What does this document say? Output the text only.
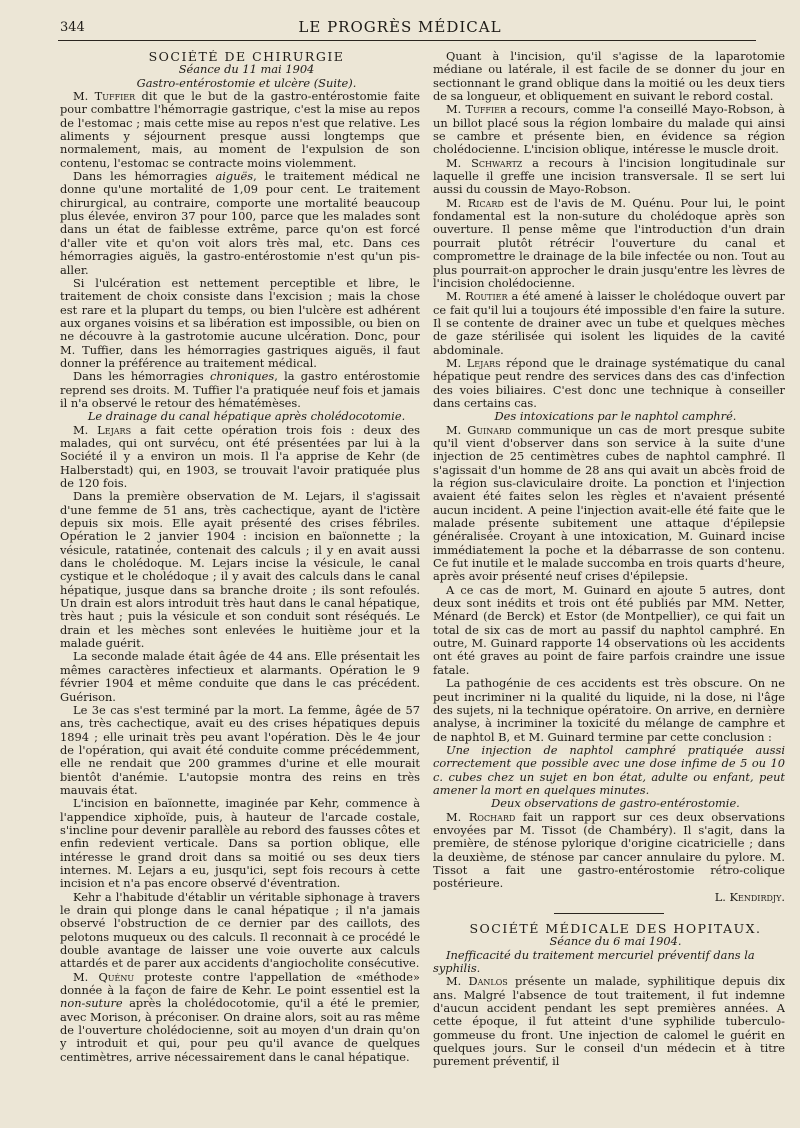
344	LE PROGRÈS MÉDICAL

SOCIÉTÉ DE CHIRURGIE

Séance du 11 mai 1904

Gastro-entérostomie et ulcère (Suite).

M. Tuffier dit que le but de la gastro-entérostomie faite pour combattre l'hémorragie gastrique, c'est la mise au repos de l'estomac ; mais cette mise au repos n'est que relative. Les aliments y séjournent presque aussi longtemps que normalement, mais, au moment de l'expulsion de son contenu, l'estomac se contracte moins violemment.

Dans les hémorragies aiguës, le traitement médical ne donne qu'une mortalité de 1,09 pour cent. Le traitement chirurgical, au contraire, comporte une mortalité beaucoup plus élevée, environ 37 pour 100, parce que les malades sont dans un état de faiblesse extrême, parce qu'on est forcé d'aller vite et qu'on voit alors très mal, etc. Dans ces hémorragies aiguës, la gastro-entérostomie n'est qu'un pis-aller.

Si l'ulcération est nettement perceptible et libre, le traitement de choix consiste dans l'excision ; mais la chose est rare et la plupart du temps, ou bien l'ulcère est adhérent aux organes voisins et sa libération est impossible, ou bien on ne découvre à la gastrotomie aucune ulcération. Donc, pour M. Tuffier, dans les hémorragies gastriques aiguës, il faut donner la préférence au traitement médical.

Dans les hémorragies chroniques, la gastro entérostomie reprend ses droits. M. Tuffier l'a pratiquée neuf fois et jamais il n'a observé le retour des hématémèses.

Le drainage du canal hépatique après cholédocotomie.

M. Lejars a fait cette opération trois fois : deux des malades, qui ont survécu, ont été présentées par lui à la Société il y a environ un mois. Il l'a apprise de Kehr (de Halberstadt) qui, en 1903, se trouvait l'avoir pratiquée plus de 120 fois.

Dans la première observation de M. Lejars, il s'agissait d'une femme de 51 ans, très cachectique, ayant de l'ictère depuis six mois. Elle ayait présenté des crises fébriles. Opération le 2 janvier 1904 : incision en baïonnette ; la vésicule, ratatinée, contenait des calculs ; il y en avait aussi dans le cholédoque. M. Lejars incise la vésicule, le canal cystique et le cholédoque ; il y avait des calculs dans le canal hépatique, jusque dans sa branche droite ; ils sont refoulés. Un drain est alors introduit très haut dans le canal hépatique, très haut ; puis la vésicule et son conduit sont réséqués. Le drain et les mèches sont enlevées le huitième jour et la malade guérit.

La seconde malade était âgée de 44 ans. Elle présentait les mêmes caractères infectieux et alarmants. Opération le 9 février 1904 et même conduite que dans le cas précédent. Guérison.

Le 3e cas s'est terminé par la mort. La femme, âgée de 57 ans, très cachectique, avait eu des crises hépatiques depuis 1894 ; elle urinait très peu avant l'opération. Dès le 4e jour de l'opération, qui avait été conduite comme précédemment, elle ne rendait que 200 grammes d'urine et elle mourait bientôt d'anémie. L'autopsie montra des reins en très mauvais état.

L'incision en baïonnette, imaginée par Kehr, commence à l'appendice xiphoïde, puis, à hauteur de l'arcade costale, s'incline pour devenir parallèle au rebord des fausses côtes et enfin redevient verticale. Dans sa portion oblique, elle intéresse le grand droit dans sa moitié ou ses deux tiers internes. M. Lejars a eu, jusqu'ici, sept fois recours à cette incision et n'a pas encore observé d'éventration.

Kehr a l'habitude d'établir un véritable siphonage à travers le drain qui plonge dans le canal hépatique ; il n'a jamais observé l'obstruction de ce dernier par des caillots, des pelotons muqueux ou des calculs. Il reconnait à ce procédé le double avantage de laisser une voie ouverte aux calculs attardés et de parer aux accidents d'angiocholite consécutive.

M. Quénu proteste contre l'appellation de «méthode» donnée à la façon de faire de Kehr. Le point essentiel est la non-suture après la cholédocotomie, qu'il a été le premier, avec Morison, à préconiser. On draine alors, soit au ras même de l'ouverture cholédocienne, soit au moyen d'un drain qu'on y introduit et qui, pour peu qu'il avance de quelques centimètres, arrive nécessairement dans le canal hépatique.

Quant à l'incision, qu'il s'agisse de la laparotomie médiane ou latérale, il est facile de se donner du jour en sectionnant le grand oblique dans la moitié ou les deux tiers de sa longueur, et obliquement en suivant le rebord costal.

M. Tuffier a recours, comme l'a conseillé Mayo-Robson, à un billot placé sous la région lombaire du malade qui ainsi se cambre et présente bien, en évidence sa région cholédocienne. L'incision oblique, intéresse le muscle droit.

M. Schwartz a recours à l'incision longitudinale sur laquelle il greffe une incision transversale. Il se sert lui aussi du coussin de Mayo-Robson.

M. Ricard est de l'avis de M. Quénu. Pour lui, le point fondamental est la non-suture du cholédoque après son ouverture. Il pense même que l'introduction d'un drain pourrait plutôt rétrécir l'ouverture du canal et compromettre le drainage de la bile infectée ou non. Tout au plus pourrait-on approcher le drain jusqu'entre les lèvres de l'incision cholédocienne.

M. Routier a été amené à laisser le cholédoque ouvert par ce fait qu'il lui a toujours été impossible d'en faire la suture. Il se contente de drainer avec un tube et quelques mèches de gaze stérilisée qui isolent les liquides de la cavité abdominale.

M. Lejars répond que le drainage systématique du canal hépatique peut rendre des services dans des cas d'infection des voies biliaires. C'est donc une technique à conseiller dans certains cas.

Des intoxications par le naphtol camphré.

M. Guinard communique un cas de mort presque subite qu'il vient d'observer dans son service à la suite d'une injection de 25 centimètres cubes de naphtol camphré. Il s'agissait d'un homme de 28 ans qui avait un abcès froid de la région sus-claviculaire droite. La ponction et l'injection avaient été faites selon les règles et n'avaient présenté aucun incident. A peine l'injection avait-elle été faite que le malade présente subitement une attaque d'épilepsie généralisée. Croyant à une intoxication, M. Guinard incise immédiatement la poche et la débarrasse de son contenu. Ce fut inutile et le malade succomba en trois quarts d'heure, après avoir présenté neuf crises d'épilepsie.

A ce cas de mort, M. Guinard en ajoute 5 autres, dont deux sont inédits et trois ont été publiés par MM. Netter, Ménard (de Berck) et Estor (de Montpellier), ce qui fait un total de six cas de mort au passif du naphtol camphré. En outre, M. Guinard rapporte 14 observations où les accidents ont été graves au point de faire parfois craindre une issue fatale.

La pathogénie de ces accidents est très obscure. On ne peut incriminer ni la qualité du liquide, ni la dose, ni l'âge des sujets, ni la technique opératoire. On arrive, en dernière analyse, à incriminer la toxicité du mélange de camphre et de naphtol B, et M. Guinard termine par cette conclusion :

Une injection de naphtol camphré pratiquée aussi correctement que possible avec une dose infime de 5 ou 10 c. cubes chez un sujet en bon état, adulte ou enfant, peut amener la mort en quelques minutes.

Deux observations de gastro-entérostomie.

M. Rochard fait un rapport sur ces deux observations envoyées par M. Tissot (de Chambéry). Il s'agit, dans la première, de sténose pylorique d'origine cicatricielle ; dans la deuxième, de sténose par cancer annulaire du pylore. M. Tissot a fait une gastro-entérostomie rétro-colique postérieure.

L. Kendirdjy.

SOCIÉTÉ MÉDICALE DES HOPITAUX.

Séance du 6 mai 1904.

Inefficacité du traitement mercuriel préventif dans la syphilis.

M. Danlos présente un malade, syphilitique depuis dix ans. Malgré l'absence de tout traitement, il fut indemne d'aucun accident pendant les sept premières années. A cette époque, il fut atteint d'une syphilide tuberculo-gommeuse du front. Une injection de calomel le guérit en quelques jours. Sur le conseil d'un médecin et à titre purement préventif, il
